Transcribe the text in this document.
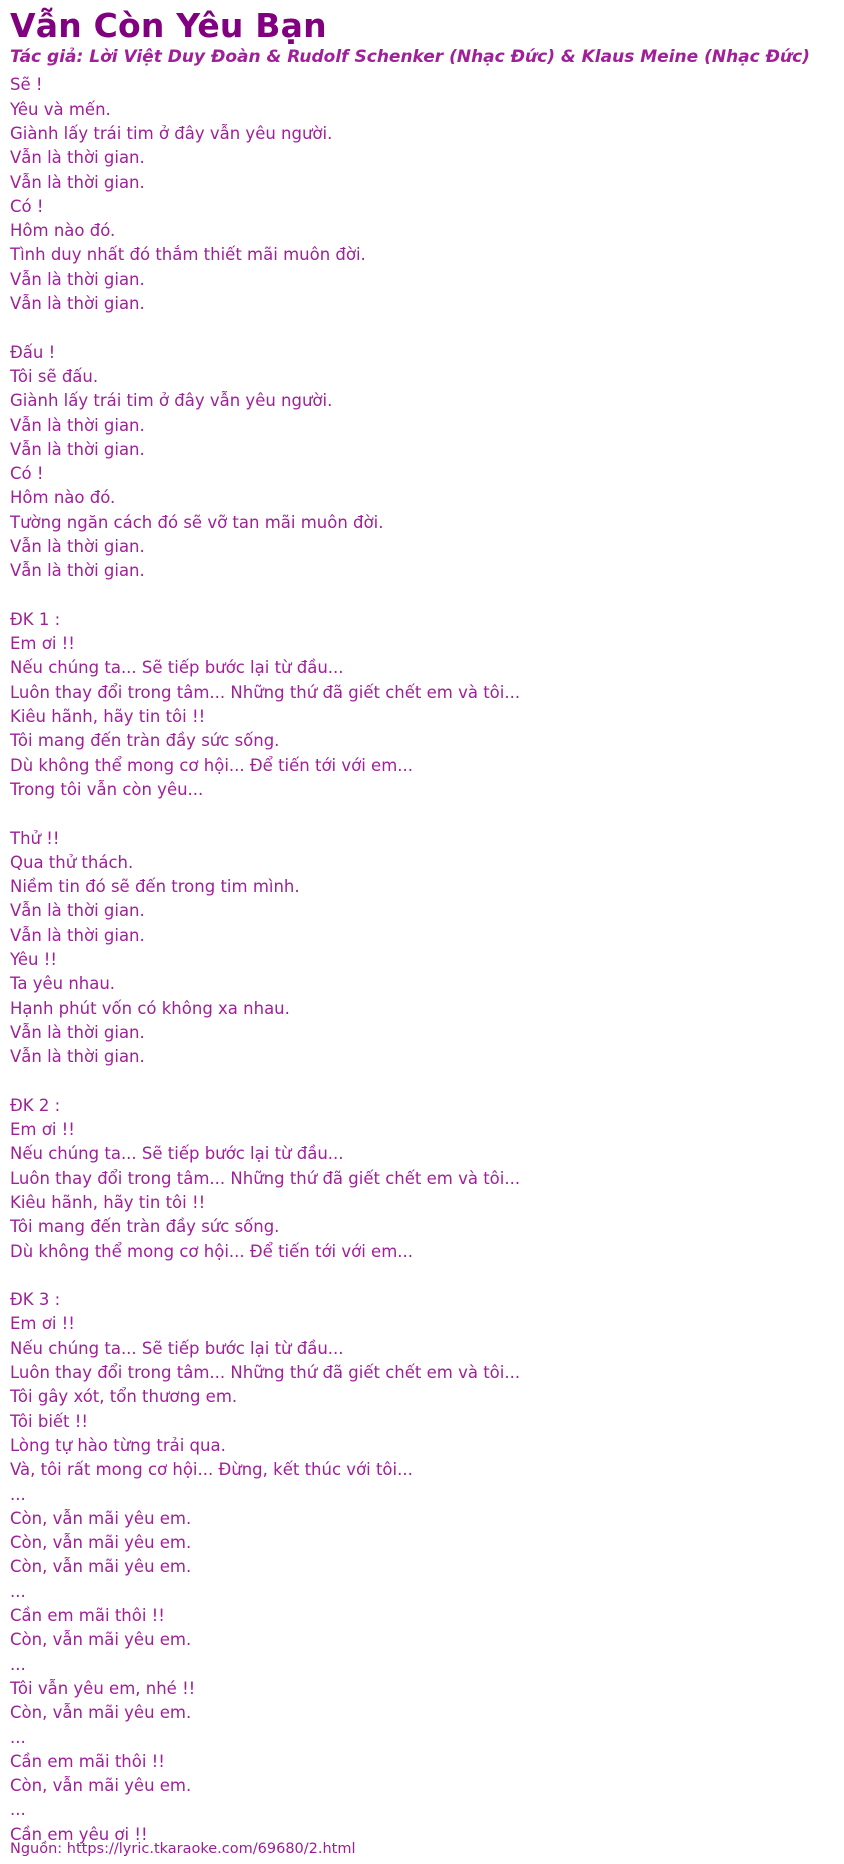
Vẫn Còn Yêu Bạn
Tác giả: Lời Việt Duy Đoàn & Rudolf Schenker (Nhạc Đức) & Klaus Meine (Nhạc Đức)
Sẽ !
Yêu và mến.
Giành lấy trái tim ở đây vẫn yêu người.
Vẫn là thời gian.
Vẫn là thời gian.
Có !
Hôm nào đó.
Tình duy nhất đó thắm thiết mãi muôn đời.
Vẫn là thời gian.
Vẫn là thời gian.
Đấu !
Tôi sẽ đấu.
Giành lấy trái tim ở đây vẫn yêu người.
Vẫn là thời gian.
Vẫn là thời gian.
Có !
Hôm nào đó.
Tường ngăn cách đó sẽ vỡ tan mãi muôn đời.
Vẫn là thời gian.
Vẫn là thời gian.
ĐK 1 :
Em ơi !!
Nếu chúng ta... Sẽ tiếp bước lại từ đầu...
Luôn thay đổi trong tâm... Những thứ đã giết chết em và tôi...
Kiêu hãnh, hãy tin tôi !!
Tôi mang đến tràn đầy sức sống.
Dù không thể mong cơ hội... Để tiến tới với em...
Trong tôi vẫn còn yêu...
Thử !!
Qua thử thách.
Niềm tin đó sẽ đến trong tim mình.
Vẫn là thời gian.
Vẫn là thời gian.
Yêu !!
Ta yêu nhau.
Hạnh phút vốn có không xa nhau.
Vẫn là thời gian.
Vẫn là thời gian.
ĐK 2 :
Em ơi !!
Nếu chúng ta... Sẽ tiếp bước lại từ đầu...
Luôn thay đổi trong tâm... Những thứ đã giết chết em và tôi...
Kiêu hãnh, hãy tin tôi !!
Tôi mang đến tràn đầy sức sống.
Dù không thể mong cơ hội... Để tiến tới với em...
ĐK 3 :
Em ơi !!
Nếu chúng ta... Sẽ tiếp bước lại từ đầu...
Luôn thay đổi trong tâm... Những thứ đã giết chết em và tôi...
Tôi gây xót, tổn thương em.
Tôi biết !!
Lòng tự hào từng trải qua.
Và, tôi rất mong cơ hội... Đừng, kết thúc với tôi...
...
Còn, vẫn mãi yêu em.
Còn, vẫn mãi yêu em.
Còn, vẫn mãi yêu em.
...
Cần em mãi thôi !!
Còn, vẫn mãi yêu em.
...
Tôi vẫn yêu em, nhé !!
Còn, vẫn mãi yêu em.
...
Cần em mãi thôi !!
Còn, vẫn mãi yêu em.
...
Cần em yêu ơi !!
Nguồn: https://lyric.tkaraoke.com/69680/2.html
